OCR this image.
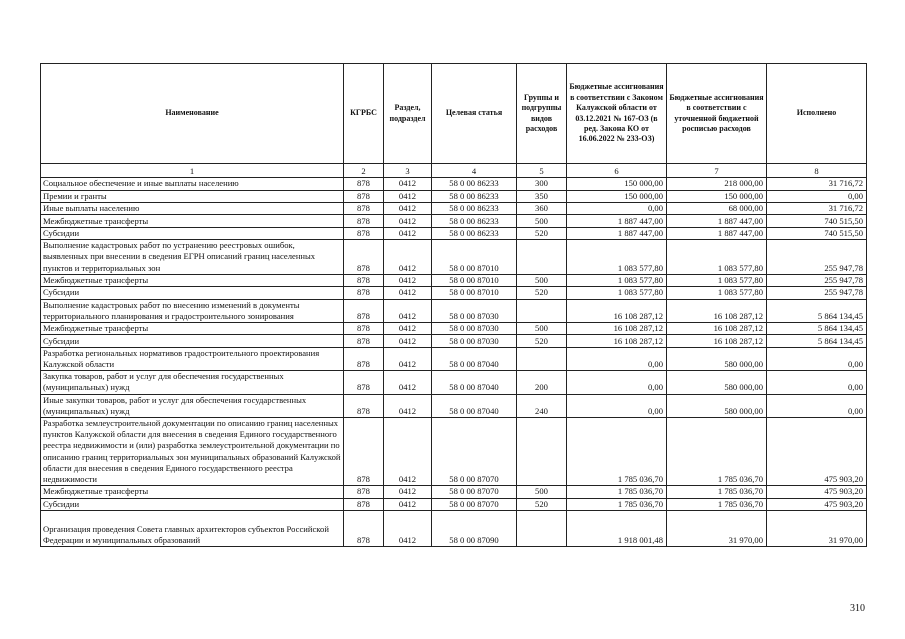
Наименование	КГРБС	Раздел, подраздел	Целевая статья	Группы и подгруппы видов расходов	Бюджетные ассигнования в соответствии с Законом Калужской области от 03.12.2021 № 167-ОЗ (в ред. Закона КО от 16.06.2022 № 233-ОЗ)	Бюджетные ассигнования в соответствии с уточненной бюджетной росписью расходов	Исполнено
1	2	3	4	5	6	7	8
Социальное обеспечение и иные выплаты населению	878	0412	58 0 00 86233	300	150 000,00	218 000,00	31 716,72
Премии и гранты	878	0412	58 0 00 86233	350	150 000,00	150 000,00	0,00
Иные выплаты населению	878	0412	58 0 00 86233	360	0,00	68 000,00	31 716,72
Межбюджетные трансферты	878	0412	58 0 00 86233	500	1 887 447,00	1 887 447,00	740 515,50
Субсидии	878	0412	58 0 00 86233	520	1 887 447,00	1 887 447,00	740 515,50
Выполнение кадастровых работ по устранению реестровых ошибок, выявленных при внесении в сведения ЕГРН описаний границ населенных пунктов и территориальных зон	878	0412	58 0 00 87010		1 083 577,80	1 083 577,80	255 947,78
Межбюджетные трансферты	878	0412	58 0 00 87010	500	1 083 577,80	1 083 577,80	255 947,78
Субсидии	878	0412	58 0 00 87010	520	1 083 577,80	1 083 577,80	255 947,78
Выполнение кадастровых работ по внесению изменений в документы территориального планирования и градостроительного зонирования	878	0412	58 0 00 87030		16 108 287,12	16 108 287,12	5 864 134,45
Межбюджетные трансферты	878	0412	58 0 00 87030	500	16 108 287,12	16 108 287,12	5 864 134,45
Субсидии	878	0412	58 0 00 87030	520	16 108 287,12	16 108 287,12	5 864 134,45
Разработка региональных нормативов градостроительного проектирования Калужской области	878	0412	58 0 00 87040		0,00	580 000,00	0,00
Закупка товаров, работ и услуг для обеспечения государственных (муниципальных) нужд	878	0412	58 0 00 87040	200	0,00	580 000,00	0,00
Иные закупки товаров, работ и услуг для обеспечения государственных (муниципальных) нужд	878	0412	58 0 00 87040	240	0,00	580 000,00	0,00
Разработка землеустроительной документации по описанию границ населенных пунктов Калужской области для внесения в сведения Единого государственного реестра недвижимости и (или) разработка землеустроительной документации по описанию границ территориальных зон муниципальных образований Калужской области для внесения в сведения Единого государственного реестра недвижимости	878	0412	58 0 00 87070		1 785 036,70	1 785 036,70	475 903,20
Межбюджетные трансферты	878	0412	58 0 00 87070	500	1 785 036,70	1 785 036,70	475 903,20
Субсидии	878	0412	58 0 00 87070	520	1 785 036,70	1 785 036,70	475 903,20
Организация проведения Совета главных архитекторов субъектов Российской Федерации и муниципальных образований	878	0412	58 0 00 87090		1 918 001,48	31 970,00	31 970,00
310
